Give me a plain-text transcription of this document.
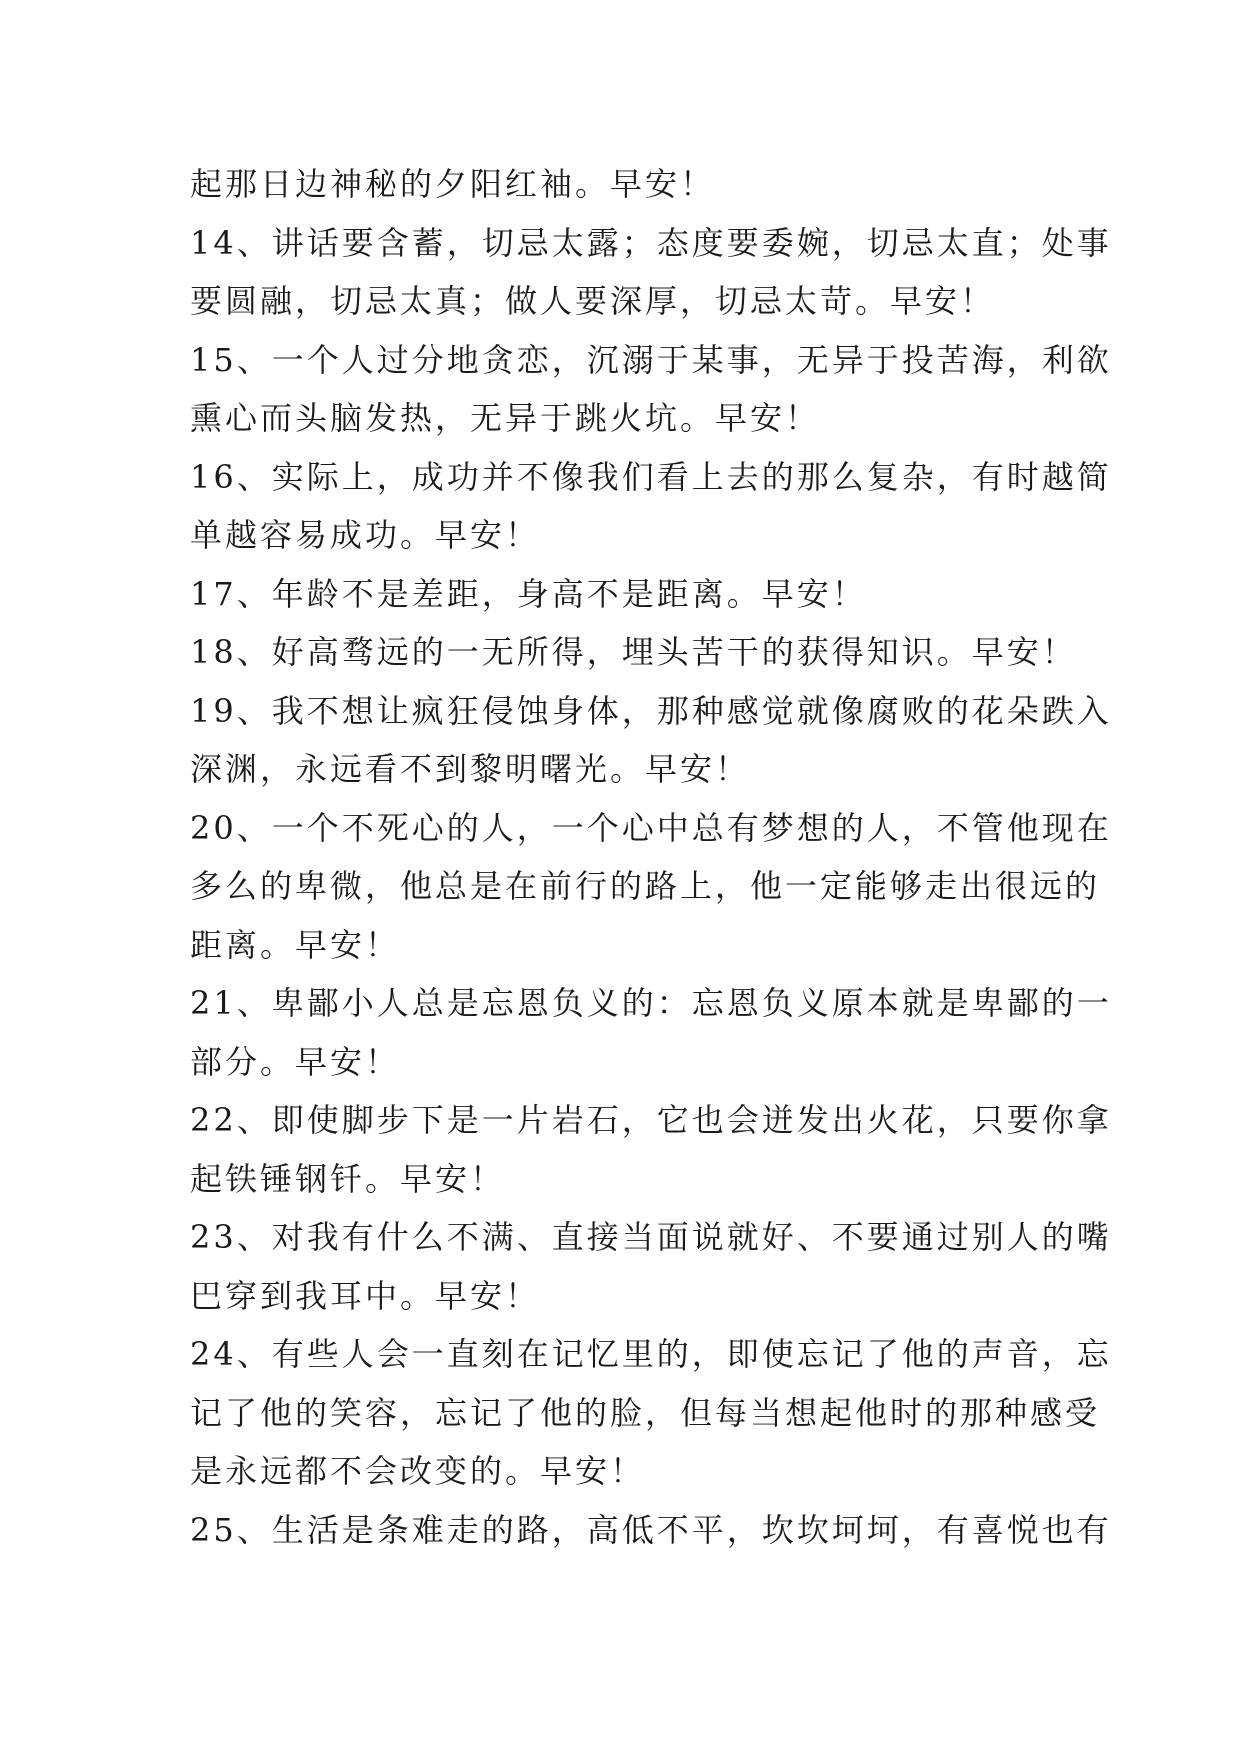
起那日边神秘的夕阳红袖。早安！
14、讲话要含蓄，切忌太露；态度要委婉，切忌太直；处事
要圆融，切忌太真；做人要深厚，切忌太苛。早安！
15、一个人过分地贪恋，沉溺于某事，无异于投苦海，利欲
熏心而头脑发热，无异于跳火坑。早安！
16、实际上，成功并不像我们看上去的那么复杂，有时越简
单越容易成功。早安！
17、年龄不是差距，身高不是距离。早安！
18、好高骛远的一无所得，埋头苦干的获得知识。早安！
19、我不想让疯狂侵蚀身体，那种感觉就像腐败的花朵跌入
深渊，永远看不到黎明曙光。早安！
20、一个不死心的人，一个心中总有梦想的人，不管他现在
多么的卑微，他总是在前行的路上，他一定能够走出很远的
距离。早安！
21、卑鄙小人总是忘恩负义的：忘恩负义原本就是卑鄙的一
部分。早安！
22、即使脚步下是一片岩石，它也会迸发出火花，只要你拿
起铁锤钢钎。早安！
23、对我有什么不满、直接当面说就好、不要通过别人的嘴
巴穿到我耳中。早安！
24、有些人会一直刻在记忆里的，即使忘记了他的声音，忘
记了他的笑容，忘记了他的脸，但每当想起他时的那种感受
是永远都不会改变的。早安！
25、生活是条难走的路，高低不平，坎坎坷坷，有喜悦也有
